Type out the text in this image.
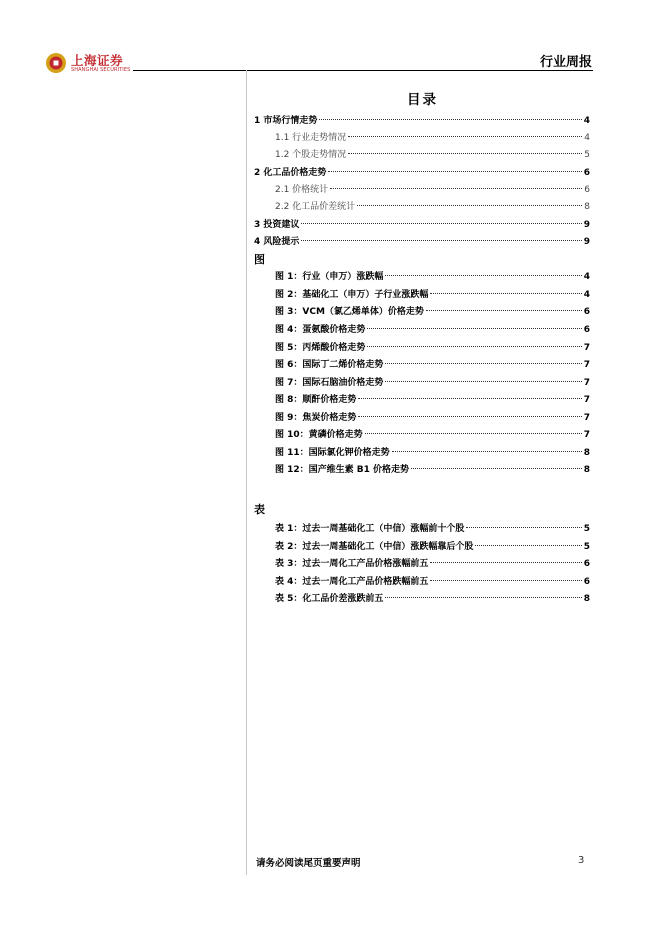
上海证券
SHANGHAI SECURITIES	行业周报
目录
1 市场行情走势	4
1.1 行业走势情况	4
1.2 个股走势情况	5
2 化工品价格走势	6
2.1 价格统计	6
2.2 化工品价差统计	8
3 投资建议	9
4 风险提示	9
图
图 1：行业（申万）涨跌幅	4
图 2：基础化工（申万）子行业涨跌幅	4
图 3：VCM（氯乙烯单体）价格走势	6
图 4：蛋氨酸价格走势	6
图 5：丙烯酸价格走势	7
图 6：国际丁二烯价格走势	7
图 7：国际石脑油价格走势	7
图 8：顺酐价格走势	7
图 9：焦炭价格走势	7
图 10：黄磷价格走势	7
图 11：国际氯化钾价格走势	8
图 12：国产维生素 B1 价格走势	8
表
表 1：过去一周基础化工（中信）涨幅前十个股	5
表 2：过去一周基础化工（中信）涨跌幅靠后个股	5
表 3：过去一周化工产品价格涨幅前五	6
表 4：过去一周化工产品价格跌幅前五	6
表 5：化工品价差涨跌前五	8
请务必阅读尾页重要声明	3
